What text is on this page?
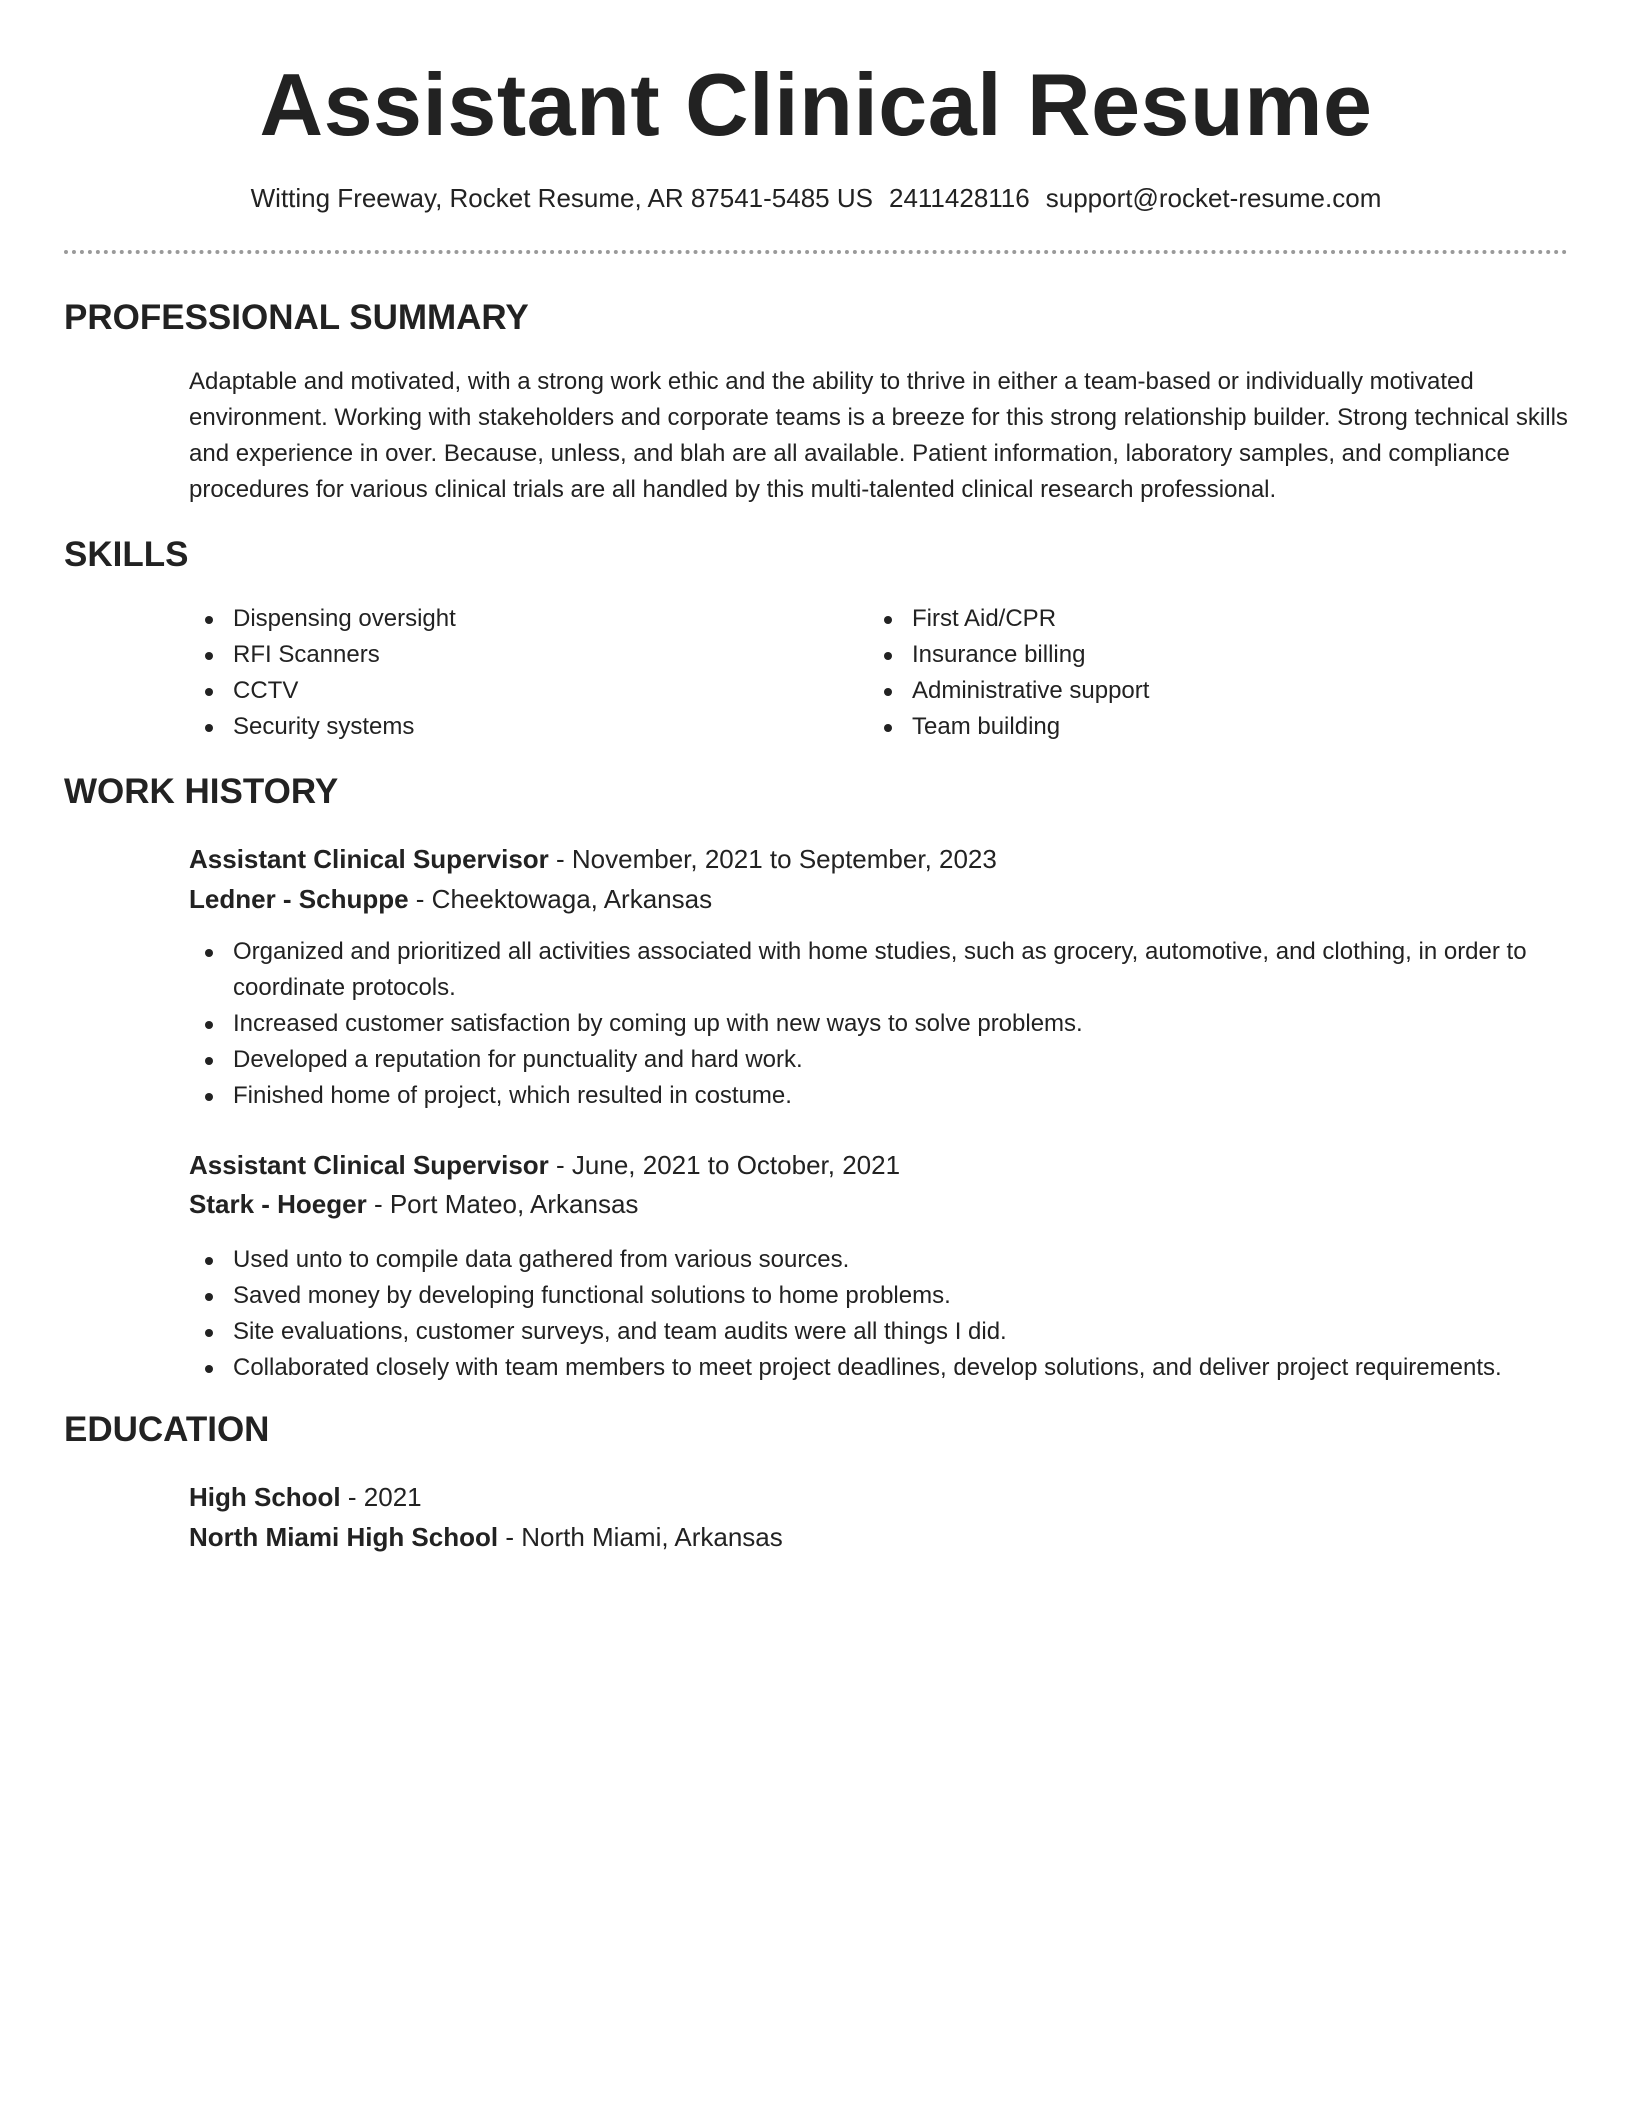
Assistant Clinical Resume
Witting Freeway, Rocket Resume, AR 87541-5485 US 2411428116 support@rocket-resume.com
PROFESSIONAL SUMMARY
Adaptable and motivated, with a strong work ethic and the ability to thrive in either a team-based or individually motivated environment. Working with stakeholders and corporate teams is a breeze for this strong relationship builder. Strong technical skills and experience in over. Because, unless, and blah are all available. Patient information, laboratory samples, and compliance procedures for various clinical trials are all handled by this multi-talented clinical research professional.
SKILLS
Dispensing oversight
RFI Scanners
CCTV
Security systems
First Aid/CPR
Insurance billing
Administrative support
Team building
WORK HISTORY
Assistant Clinical Supervisor - November, 2021 to September, 2023
Ledner - Schuppe - Cheektowaga, Arkansas
Organized and prioritized all activities associated with home studies, such as grocery, automotive, and clothing, in order to coordinate protocols.
Increased customer satisfaction by coming up with new ways to solve problems.
Developed a reputation for punctuality and hard work.
Finished home of project, which resulted in costume.
Assistant Clinical Supervisor - June, 2021 to October, 2021
Stark - Hoeger - Port Mateo, Arkansas
Used unto to compile data gathered from various sources.
Saved money by developing functional solutions to home problems.
Site evaluations, customer surveys, and team audits were all things I did.
Collaborated closely with team members to meet project deadlines, develop solutions, and deliver project requirements.
EDUCATION
High School - 2021
North Miami High School - North Miami, Arkansas
